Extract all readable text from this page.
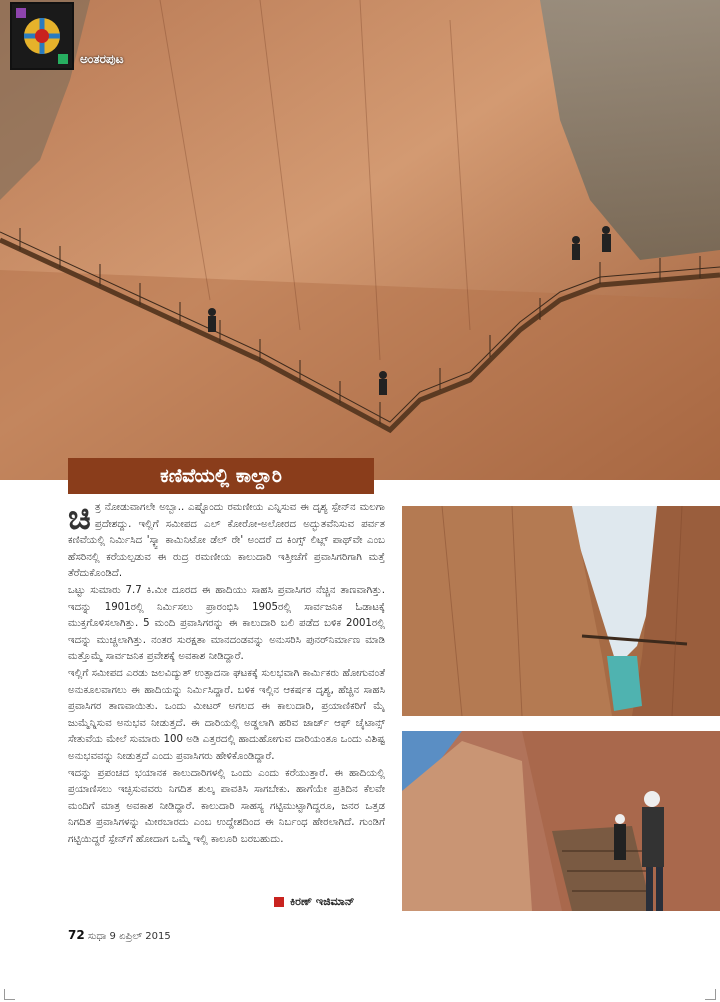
ಅಂತರಪುಟ
ಕಣಿವೆಯಲ್ಲಿ ಕಾಲ್ದಾರಿ

ಚಿತ್ರ ನೋಡುವಾಗಲೇ ಅಬ್ಬಾ.. ಎಷ್ಟೊಂದು ರಮಣೀಯ ಎನ್ನಿಸುವ ಈ ದೃಶ್ಯ ಸ್ಪೇನ್‌ನ ಮಲಗಾ ಪ್ರದೇಶದ್ದು. ಇಲ್ಲಿಗೆ ಸಮೀಪದ ಎಲ್ ಕೋರೋ-ಅಲೋರದ ಅದ್ಭುತವೆನಿಸುವ ಪರ್ವತ ಕಣಿವೆಯಲ್ಲಿ ನಿರ್ಮಿಸಿದ 'ಸ್ಕ್ವಾ ಕಾಮಿನಿಟೋ ಡೆಲ್ ರೇ' ಅಂದರೆ ದ ಕಿಂಗ್ಸ್ ಲಿಟ್ಲ್ ಪಾಥ್‌ವೇ ಎಂಬ ಹೆಸರಿನಲ್ಲಿ ಕರೆಯಲ್ಪಡುವ ಈ ರುದ್ರ ರಮಣೀಯ ಕಾಲುದಾರಿ ಇತ್ತೀಚೆಗೆ ಪ್ರವಾಸಿಗರಿಗಾಗಿ ಮತ್ತೆ ತೆರೆದುಕೊಂಡಿದೆ.

ಒಟ್ಟು ಸುಮಾರು 7.7 ಕಿ.ಮೀ ದೂರದ ಈ ಹಾದಿಯು ಸಾಹಸಿ ಪ್ರವಾಸಿಗರ ನೆಚ್ಚಿನ ತಾಣವಾಗಿತ್ತು. ಇದನ್ನು 1901ರಲ್ಲಿ ನಿರ್ಮಿಸಲು ಪ್ರಾರಂಭಿಸಿ 1905ರಲ್ಲಿ ಸಾರ್ವಜನಿಕ ಓಡಾಟಕ್ಕೆ ಮುಕ್ತಗೊಳಿಸಲಾಗಿತ್ತು. 5 ಮಂದಿ ಪ್ರವಾಸಿಗರನ್ನು ಈ ಕಾಲುದಾರಿ ಬಲಿ ಪಡೆದ ಬಳಿಕ 2001ರಲ್ಲಿ ಇದನ್ನು ಮುಚ್ಚಲಾಗಿತ್ತು. ನಂತರ ಸುರಕ್ಷತಾ ಮಾನದಂಡವನ್ನು ಅನುಸರಿಸಿ ಪುನರ್‌ನಿರ್ಮಾಣ ಮಾಡಿ ಮತ್ತೊಮ್ಮೆ ಸಾರ್ವಜನಿಕ ಪ್ರವೇಶಕ್ಕೆ ಅವಕಾಶ ನೀಡಿದ್ದಾರೆ.

ಇಲ್ಲಿಗೆ ಸಮೀಪದ ಎರಡು ಜಲವಿದ್ಯುತ್ ಉತ್ಪಾದನಾ ಘಟಕಕ್ಕೆ ಸುಲಭವಾಗಿ ಕಾರ್ಮಿಕರು ಹೋಗುವಂತೆ ಅನುಕೂಲವಾಗಲು ಈ ಹಾದಿಯನ್ನು ನಿರ್ಮಿಸಿದ್ದಾರೆ. ಬಳಿಕ ಇಲ್ಲಿನ ಆಕರ್ಷಕ ದೃಶ್ಯ, ಹೆಚ್ಚಿನ ಸಾಹಸಿ ಪ್ರವಾಸಿಗರ ತಾಣವಾಯಿತು. ಒಂದು ಮೀಟರ್ ಅಗಲದ ಈ ಕಾಲುದಾರಿ, ಪ್ರಯಾಣಿಕರಿಗೆ ಮೈ ಜುಮ್ಮೆನ್ನಿಸುವ ಅನುಭವ ನೀಡುತ್ತದೆ. ಈ ದಾರಿಯಲ್ಲಿ ಅಡ್ಡಲಾಗಿ ಹರಿವ ಜಾರ್ಜ್ ಆಫ್ ಚೈಟಾನ್ಸ್ ಸೇತುವೆಯ ಮೇಲೆ ಸುಮಾರು 100 ಅಡಿ ಎತ್ತರದಲ್ಲಿ ಹಾದುಹೋಗುವ ದಾರಿಯಂತೂ ಒಂದು ವಿಶಿಷ್ಟ ಅನುಭವವನ್ನು ನೀಡುತ್ತದೆ ಎಂದು ಪ್ರವಾಸಿಗರು ಹೇಳಿಕೊಂಡಿದ್ದಾರೆ.

ಇದನ್ನು ಪ್ರಪಂಚದ ಭಯಾನಕ ಕಾಲುದಾರಿಗಳಲ್ಲಿ ಒಂದು ಎಂದು ಕರೆಯುತ್ತಾರೆ. ಈ ಹಾದಿಯಲ್ಲಿ ಪ್ರಯಾಣಿಸಲು ಇಚ್ಛಿಸುವವರು ನಿಗದಿತ ಶುಲ್ಕ ಪಾವತಿಸಿ ಸಾಗಬೇಕು. ಹಾಗೆಯೇ ಪ್ರತಿದಿನ ಕೆಲವೇ ಮಂದಿಗೆ ಮಾತ್ರ ಅವಕಾಶ ನೀಡಿದ್ದಾರೆ. ಕಾಲುದಾರಿ ಸಾಹಸ್ಯ ಗಟ್ಟಿಮುಟ್ಟಾಗಿದ್ದರೂ, ಜನರ ಒತ್ತಡ ನಿಗದಿತ ಪ್ರವಾಸಿಗಳನ್ನು ಮೀರಬಾರದು ಎಂಬ ಉದ್ದೇಶದಿಂದ ಈ ನಿರ್ಬಂಧ ಹೇರಲಾಗಿದೆ. ಗುಂಡಿಗೆ ಗಟ್ಟಿಯಿದ್ದರೆ ಸ್ಪೇನ್‌ಗೆ ಹೋದಾಗ ಒಮ್ಮೆ ಇಲ್ಲಿ ಕಾಲೂರಿ ಬರಬಹುದು.

ಕಿರಣ್ ಇಜಿಮಾನ್
72 ಸುಧಾ 9 ಏಪ್ರಿಲ್ 2015
